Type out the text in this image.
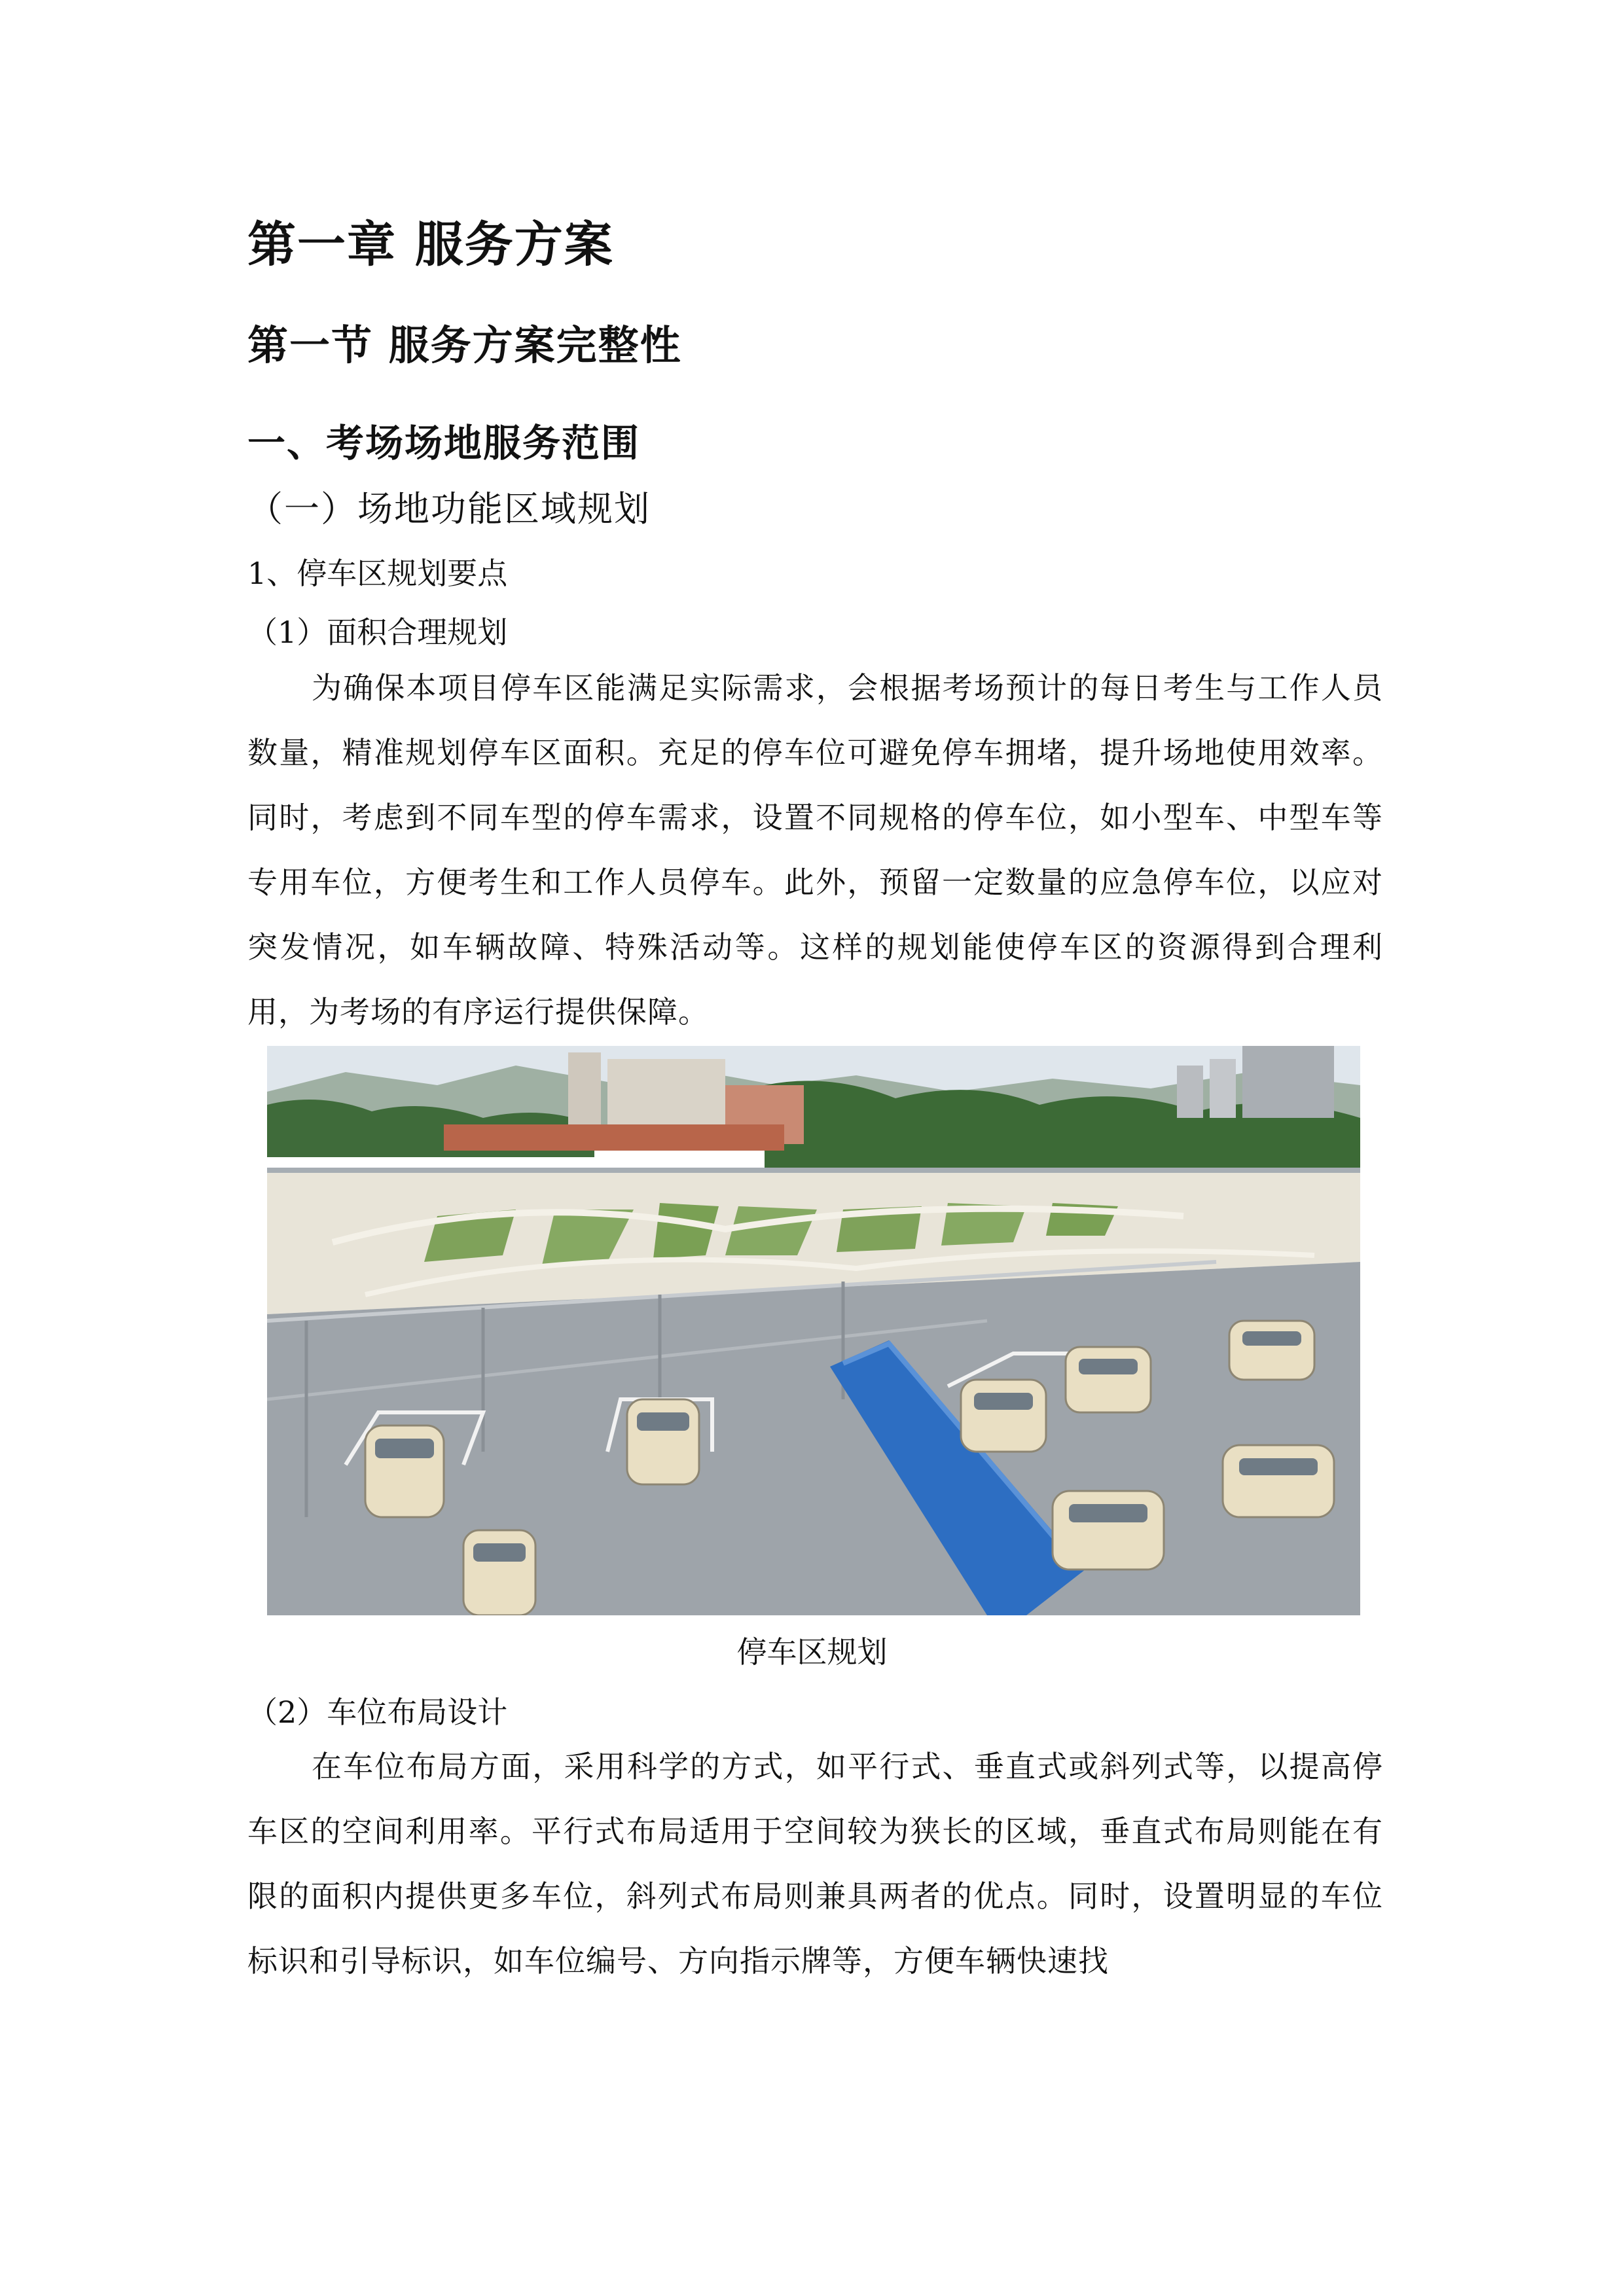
第一章 服务方案
第一节 服务方案完整性
一、考场场地服务范围
（一）场地功能区域规划
1、停车区规划要点
（1）面积合理规划
为确保本项目停车区能满足实际需求，会根据考场预计的每日考生与工作人员数量，精准规划停车区面积。充足的停车位可避免停车拥堵，提升场地使用效率。同时，考虑到不同车型的停车需求，设置不同规格的停车位，如小型车、中型车等专用车位，方便考生和工作人员停车。此外，预留一定数量的应急停车位，以应对突发情况，如车辆故障、特殊活动等。这样的规划能使停车区的资源得到合理利用，为考场的有序运行提供保障。
停车区规划
（2）车位布局设计
在车位布局方面，采用科学的方式，如平行式、垂直式或斜列式等，以提高停车区的空间利用率。平行式布局适用于空间较为狭长的区域，垂直式布局则能在有限的面积内提供更多车位，斜列式布局则兼具两者的优点。同时，设置明显的车位标识和引导标识，如车位编号、方向指示牌等，方便车辆快速找
